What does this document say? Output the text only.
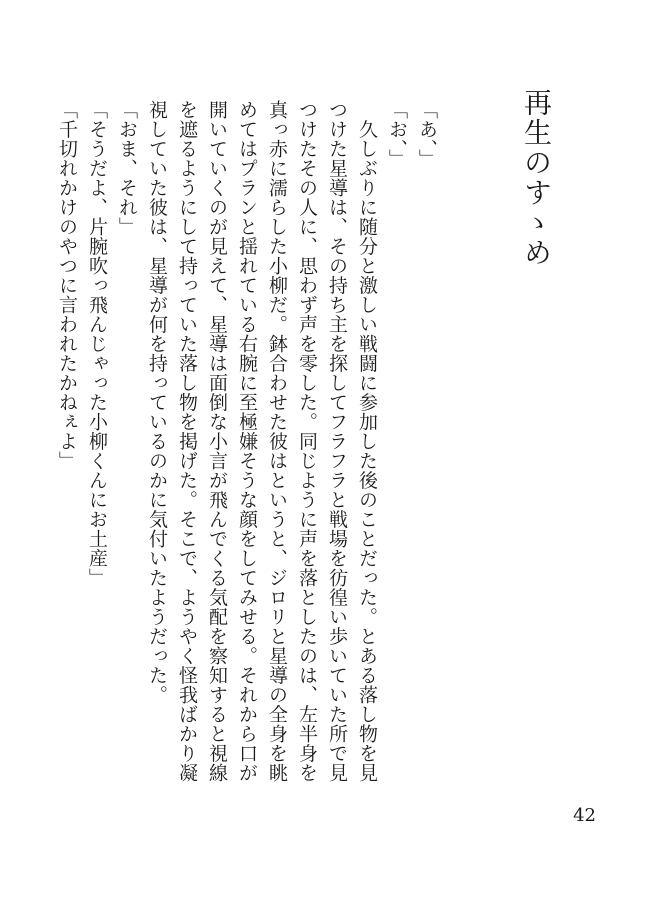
再生のすゝめ

「あ、」

「お、」

　久しぶりに随分と激しい戦闘に参加した後のことだった。とある落し物を見つけた星導は、その持ち主を探してフラフラと戦場を彷徨い歩いていた所で見つけたその人に、思わず声を零した。同じように声を落としたのは、左半身を真っ赤に濡らした小柳だ。鉢合わせた彼はというと、ジロリと星導の全身を眺めてはプランと揺れている右腕に至極嫌そうな顔をしてみせる。それから口が開いていくのが見えて、星導は面倒な小言が飛んでくる気配を察知すると視線を遮るようにして持っていた落し物を掲げた。そこで、ようやく怪我ばかり凝視していた彼は、星導が何を持っているのかに気付いたようだった。

「おま、それ」

「そうだよ、片腕吹っ飛んじゃった小柳くんにお土産」

「千切れかけのやつに言われたかねぇよ」

42
